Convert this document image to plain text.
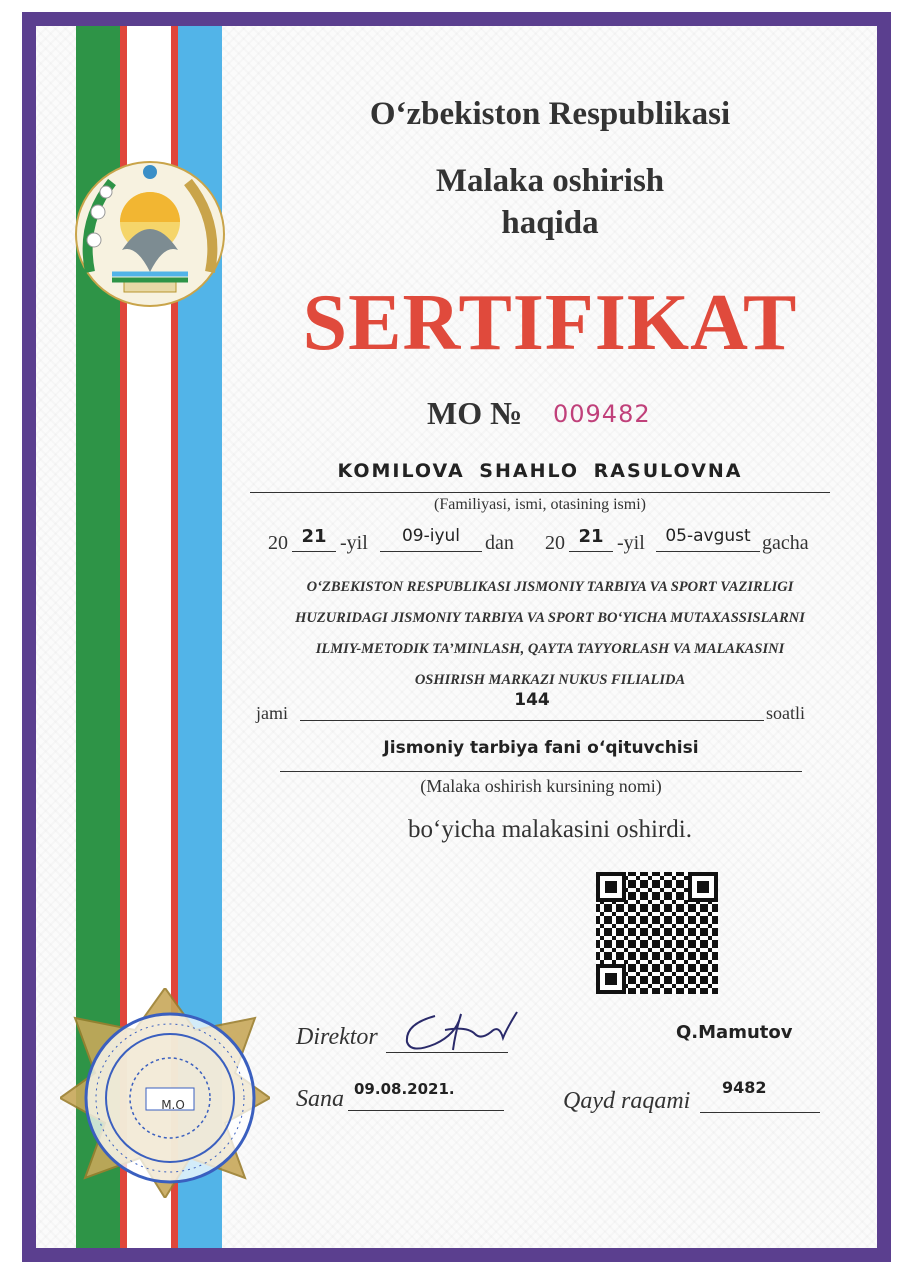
O‘zbekiston Respublikasi
Malaka oshirish
haqida
SERTIFIKAT
MO № 009482
KOMILOVA SHAHLO RASULOVNA
(Familiyasi, ismi, otasining ismi)
20 21 -yil	09-iyul	dan 20 21 -yil	05-avgust gacha
O‘ZBEKISTON RESPUBLIKASI JISMONIY TARBIYA VA SPORT VAZIRLIGI
HUZURIDAGI JISMONIY TARBIYA VA SPORT BO‘YICHA MUTAXASSISLARNI
ILMIY-METODIK TA’MINLASH, QAYTA TAYYORLASH VA MALAKASINI
OSHIRISH MARKAZI NUKUS FILIALIDA
jami
144
soatli
Jismoniy tarbiya fani o‘qituvchisi
(Malaka oshirish kursining nomi)
bo‘yicha malakasini oshirdi.
Direktor	Q.Mamutov
Sana 09.08.2021.	Qayd raqami
9482
M.O
